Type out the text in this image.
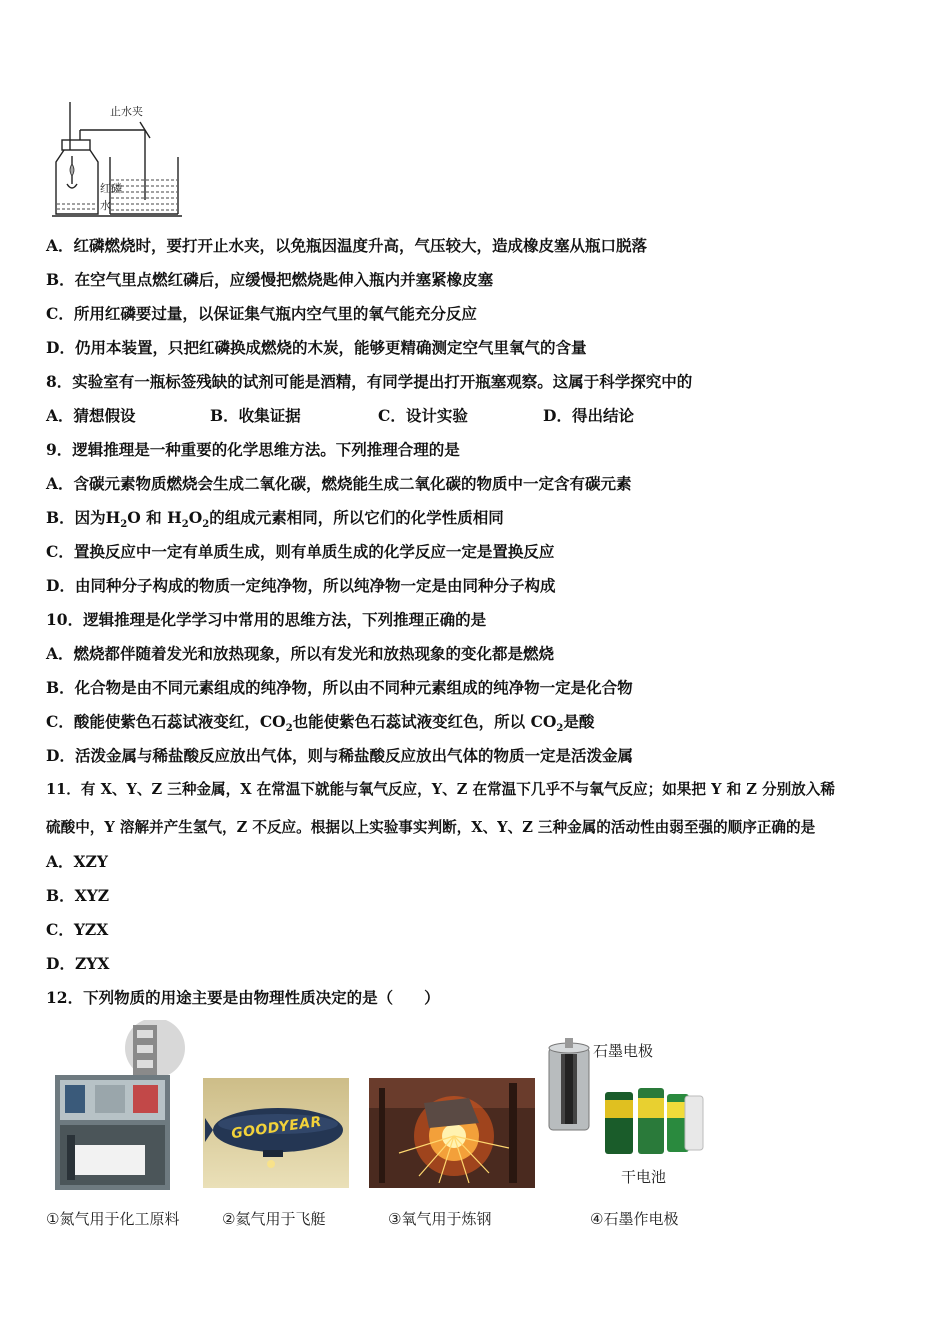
止水夹
红磷
水
A．红磷燃烧时，要打开止水夹，以免瓶因温度升高，气压较大，造成橡皮塞从瓶口脱落
B．在空气里点燃红磷后，应缓慢把燃烧匙伸入瓶内并塞紧橡皮塞
C．所用红磷要过量，以保证集气瓶内空气里的氧气能充分反应
D．仍用本装置，只把红磷换成燃烧的木炭，能够更精确测定空气里氧气的含量
8．实验室有一瓶标签残缺的试剂可能是酒精，有同学提出打开瓶塞观察。这属于科学探究中的
A．猜想假设	B．收集证据	C．设计实验	D．得出结论
9．逻辑推理是一种重要的化学思维方法。下列推理合理的是
A．含碳元素物质燃烧会生成二氧化碳，燃烧能生成二氧化碳的物质中一定含有碳元素
B．因为$H_2O$ 和 $H_2O_2$的组成元素相同，所以它们的化学性质相同
C．置换反应中一定有单质生成，则有单质生成的化学反应一定是置换反应
D．由同种分子构成的物质一定纯净物，所以纯净物一定是由同种分子构成
10．逻辑推理是化学学习中常用的思维方法，下列推理正确的是
A．燃烧都伴随着发光和放热现象，所以有发光和放热现象的变化都是燃烧
B．化合物是由不同元素组成的纯净物，所以由不同种元素组成的纯净物一定是化合物
C．酸能使紫色石蕊试液变红，$CO_2$也能使紫色石蕊试液变红色，所以 $CO_2$是酸
D．活泼金属与稀盐酸反应放出气体，则与稀盐酸反应放出气体的物质一定是活泼金属
11．有 X、Y、Z 三种金属，X 在常温下就能与氧气反应，Y、Z 在常温下几乎不与氧气反应；如果把 Y 和 Z 分别放入稀
硫酸中，Y 溶解并产生氢气，Z 不反应。根据以上实验事实判断，X、Y、Z 三种金属的活动性由弱至强的顺序正确的是
A．XZY
B．XYZ
C．YZX
D．ZYX
12．下列物质的用途主要是由物理性质决定的是（　　）
GOODYEAR
石墨电极
干电池
①氮气用于化工原料	②氦气用于飞艇	③氧气用于炼钢	④石墨作电极
